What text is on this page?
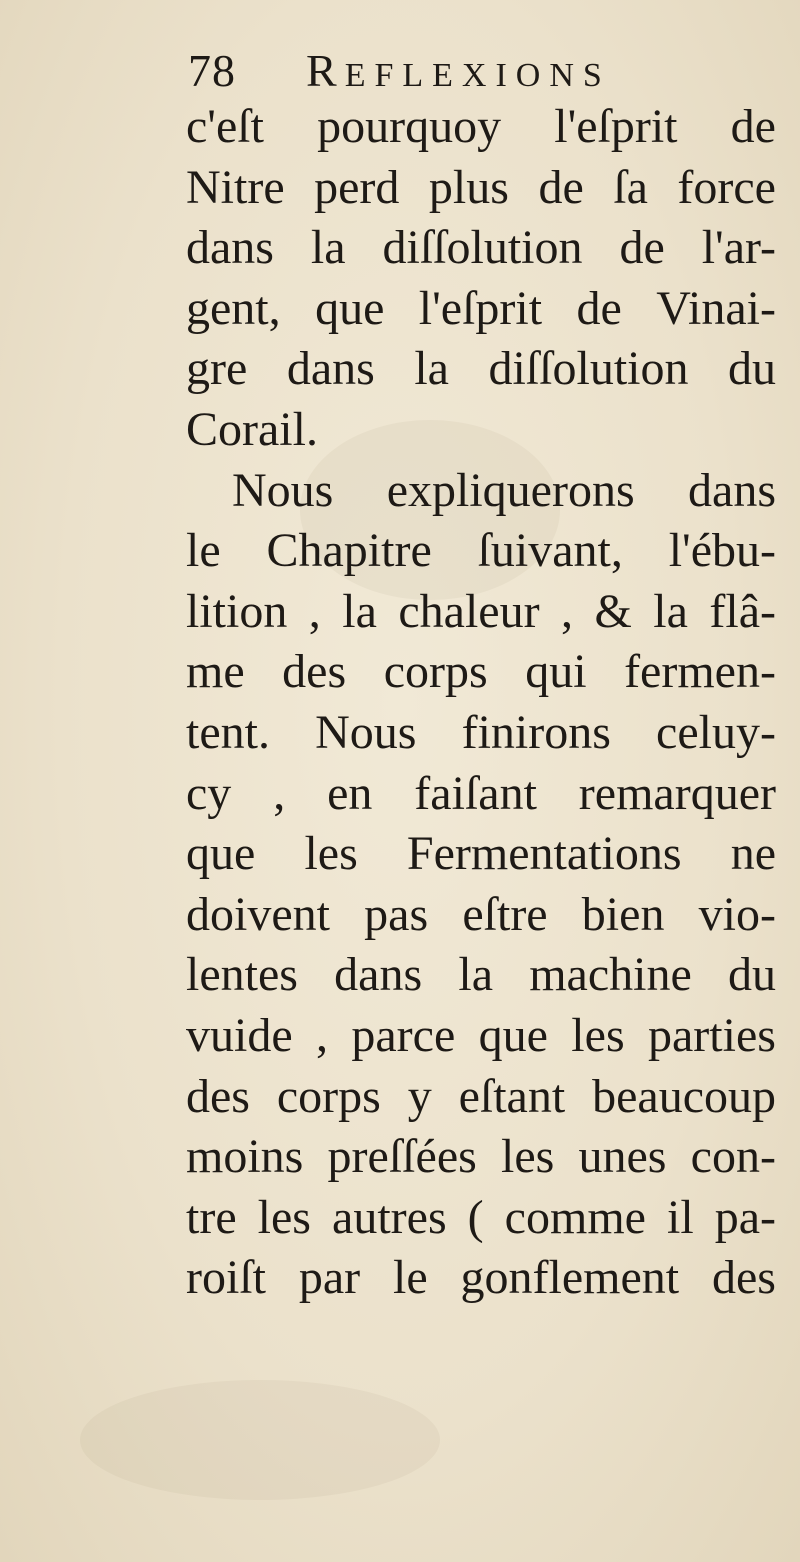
78	REFLEXIONS
c'eſt pourquoy l'eſprit de
Nitre perd plus de ſa force
dans la diſſolution de l'ar-
gent, que l'eſprit de Vinai-
gre dans la diſſolution du
Corail.
Nous expliquerons dans
le Chapitre ſuivant, l'ébu-
lition , la chaleur , & la flâ-
me des corps qui fermen-
tent. Nous finirons celuy-
cy , en faiſant remarquer
que les Fermentations ne
doivent pas eſtre bien vio-
lentes dans la machine du
vuide , parce que les parties
des corps y eſtant beaucoup
moins preſſées les unes con-
tre les autres ( comme il pa-
roiſt par le gonflement des
